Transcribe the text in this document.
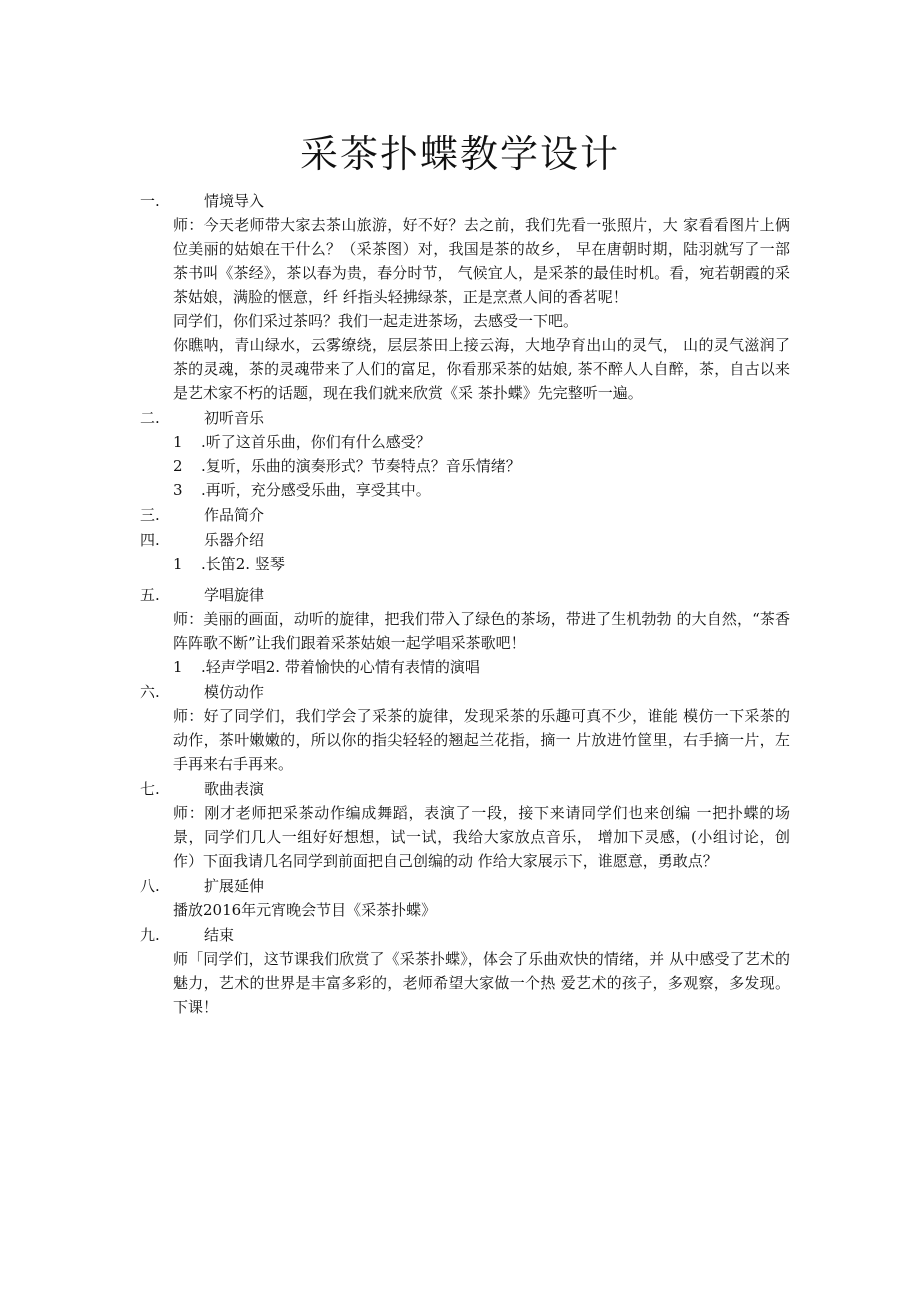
采茶扑蝶教学设计
一.	情境导入

师：今天老师带大家去茶山旅游，好不好？去之前，我们先看一张照片，大 家看看图片上俩位美丽的姑娘在干什么？（采茶图）对，我国是茶的故乡， 早在唐朝时期，陆羽就写了一部茶书叫《茶经》，茶以春为贵，春分时节， 气候宜人，是采茶的最佳时机。看，宛若朝霞的采茶姑娘，满脸的惬意，纤 纤指头轻拂绿茶，正是烹煮人间的香茗呢！

同学们，你们采过茶吗？我们一起走进茶场，去感受一下吧。

你瞧呐，青山绿水，云雾缭绕，层层茶田上接云海，大地孕育出山的灵气， 山的灵气滋润了茶的灵魂，茶的灵魂带来了人们的富足，你看那采茶的姑娘, 茶不醉人人自醉，茶，自古以来是艺术家不朽的话题，现在我们就来欣赏《采 茶扑蝶》先完整听一遍。

二.	初听音乐
1	.听了这首乐曲，你们有什么感受？
2	.复听，乐曲的演奏形式？节奏特点？音乐情绪？
3	.再听，充分感受乐曲，享受其中。
三.	作品简介
四.	乐器介绍
1	.长笛2. 竖琴
五.	学唱旋律

师：美丽的画面，动听的旋律，把我们带入了绿色的茶场，带进了生机勃勃 的大自然，“茶香阵阵歌不断”让我们跟着采茶姑娘一起学唱采茶歌吧！

1	.轻声学唱2. 带着愉快的心情有表情的演唱
六.	模仿动作

师：好了同学们，我们学会了采茶的旋律，发现采茶的乐趣可真不少，谁能 模仿一下采茶的动作，茶叶嫩嫩的，所以你的指尖轻轻的翘起兰花指，摘一 片放进竹筐里，右手摘一片，左手再来右手再来。

七.	歌曲表演

师：刚才老师把采茶动作编成舞蹈，表演了一段，接下来请同学们也来创编 一把扑蝶的场景，同学们几人一组好好想想，试一试，我给大家放点音乐， 增加下灵感，(小组讨论，创作）下面我请几名同学到前面把自己创编的动 作给大家展示下，谁愿意，勇敢点？

八.	扩展延伸

播放2016年元宵晚会节目《采茶扑蝶》

九.	结束

师「同学们，这节课我们欣赏了《采茶扑蝶》，体会了乐曲欢快的情绪，并 从中感受了艺术的魅力，艺术的世界是丰富多彩的，老师希望大家做一个热 爱艺术的孩子，多观察，多发现。下课！
